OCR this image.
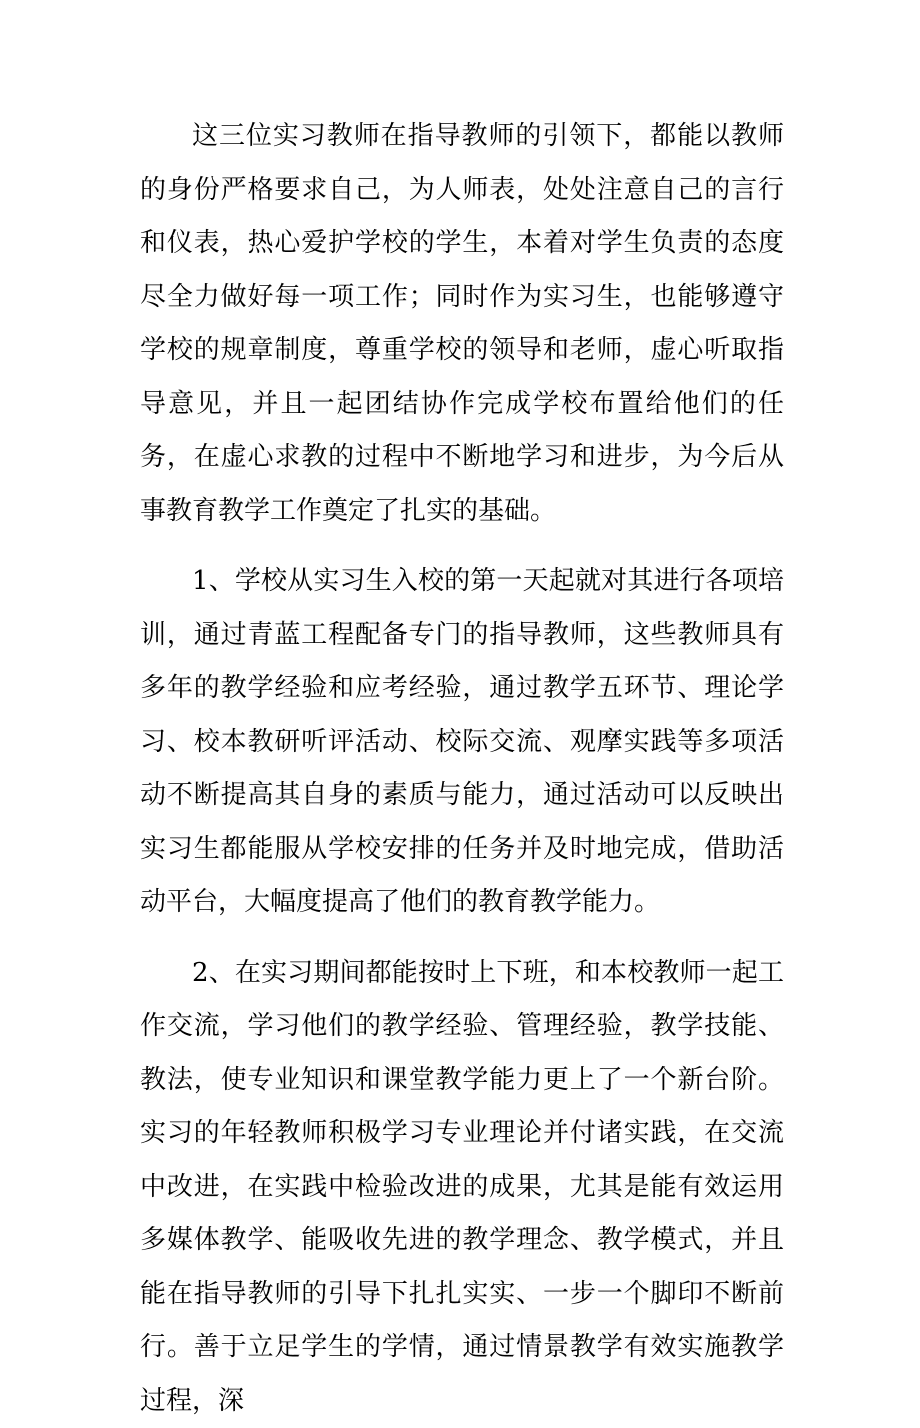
这三位实习教师在指导教师的引领下，都能以教师的身份严格要求自己，为人师表，处处注意自己的言行和仪表，热心爱护学校的学生，本着对学生负责的态度尽全力做好每一项工作；同时作为实习生，也能够遵守学校的规章制度，尊重学校的领导和老师，虚心听取指导意见，并且一起团结协作完成学校布置给他们的任务，在虚心求教的过程中不断地学习和进步，为今后从事教育教学工作奠定了扎实的基础。

1、学校从实习生入校的第一天起就对其进行各项培训，通过青蓝工程配备专门的指导教师，这些教师具有多年的教学经验和应考经验，通过教学五环节、理论学习、校本教研听评活动、校际交流、观摩实践等多项活动不断提高其自身的素质与能力，通过活动可以反映出实习生都能服从学校安排的任务并及时地完成，借助活动平台，大幅度提高了他们的教育教学能力。

2、在实习期间都能按时上下班，和本校教师一起工作交流，学习他们的教学经验、管理经验，教学技能、教法，使专业知识和课堂教学能力更上了一个新台阶。实习的年轻教师积极学习专业理论并付诸实践，在交流中改进，在实践中检验改进的成果，尤其是能有效运用多媒体教学、能吸收先进的教学理念、教学模式，并且能在指导教师的引导下扎扎实实、一步一个脚印不断前行。善于立足学生的学情，通过情景教学有效实施教学过程，深
